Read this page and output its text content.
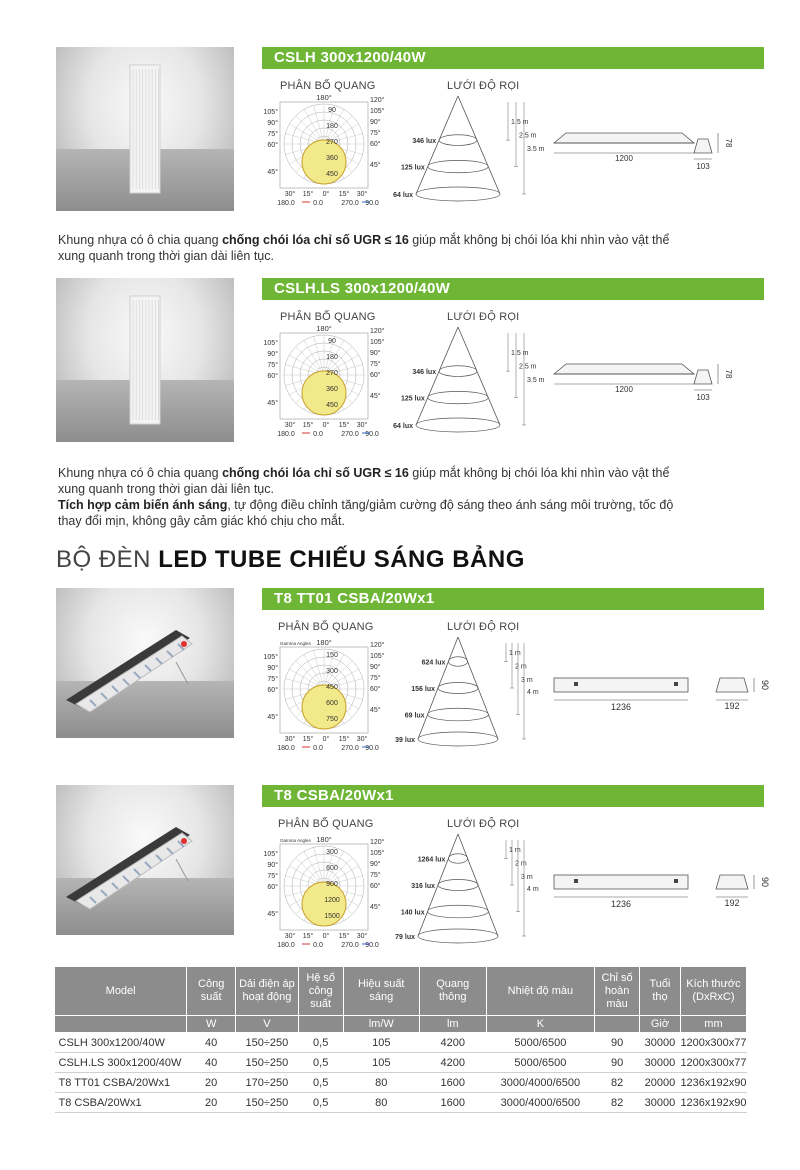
CSLH 300x1200/40W
PHÂN BỐ QUANG	LƯỚI ĐỘ RỌI
90
180
270
360
450
180°
105°
90°
75°
60°
45°
120°
105°
90°
75°
60°
45°
30° 15° 0° 15° 30°
180.0	0.0	270.0 90.0
346 lux
125 lux
64 lux
1.5 m
2.5 m
3.5 m
1200
103
78
CSLH.LS 300x1200/40W
PHÂN BỐ QUANG	LƯỚI ĐỘ RỌI
90
180
270
360
450
180°
105°
90°
75°
60°
45°
120°
105°
90°
75°
60°
45°
30° 15° 0° 15° 30°
180.0	0.0	270.0 90.0
346 lux
125 lux
64 lux
1.5 m
2.5 m
3.5 m
1200
103
78
T8 TT01 CSBA/20Wx1
PHÂN BỐ QUANG	LƯỚI ĐỘ RỌI
150
300
450
600
750
180°
Gamma Angles
105°
90°
75°
60°
45°
120°
105°
90°
75°
60°
45°
30° 15° 0° 15° 30°
180.0	0.0	270.0 90.0
624 lux
156 lux
69 lux
39 lux
1 m
2 m
3 m
4 m
1236	192
90
T8 CSBA/20Wx1
PHÂN BỐ QUANG	LƯỚI ĐỘ RỌI
300
600
900
1200
1500
180°
Gamma Angles
105°
90°
75°
60°
45°
120°
105°
90°
75°
60°
45°
30° 15° 0° 15° 30°
180.0	0.0	270.0 90.0
1264 lux
316 lux
140 lux
79 lux
1 m
2 m
3 m
4 m
1236	192
90
Khung nhựa có ô chia quang chống chói lóa chỉ số UGR ≤ 16 giúp mắt không bị chói lóa khi nhìn vào vật thể
xung quanh trong thời gian dài liên tục.
Khung nhựa có ô chia quang chống chói lóa chỉ số UGR ≤ 16 giúp mắt không bị chói lóa khi nhìn vào vật thể
xung quanh trong thời gian dài liên tục.
Tích hợp cảm biến ánh sáng, tự động điều chỉnh tăng/giảm cường độ sáng theo ánh sáng môi trường, tốc độ
thay đổi mịn, không gây cảm giác khó chịu cho mắt.
BỘ ĐÈN LED TUBE CHIẾU SÁNG BẢNG
Model	Công suất	Dải điện áp hoạt động	Hệ số công suất	Hiệu suất sáng	Quang thông	Nhiệt độ màu	Chỉ số hoàn màu	Tuổi thọ	Kích thước (DxRxC)
	W	V		lm/W	lm	K		Giờ	mm
CSLH 300x1200/40W	40	150÷250	0,5	105	4200	5000/6500	90	30000	1200x300x77
CSLH.LS 300x1200/40W	40	150÷250	0,5	105	4200	5000/6500	90	30000	1200x300x77
T8 TT01 CSBA/20Wx1	20	170÷250	0,5	80	1600	3000/4000/6500	82	20000	1236x192x90
T8 CSBA/20Wx1	20	150÷250	0,5	80	1600	3000/4000/6500	82	30000	1236x192x90
